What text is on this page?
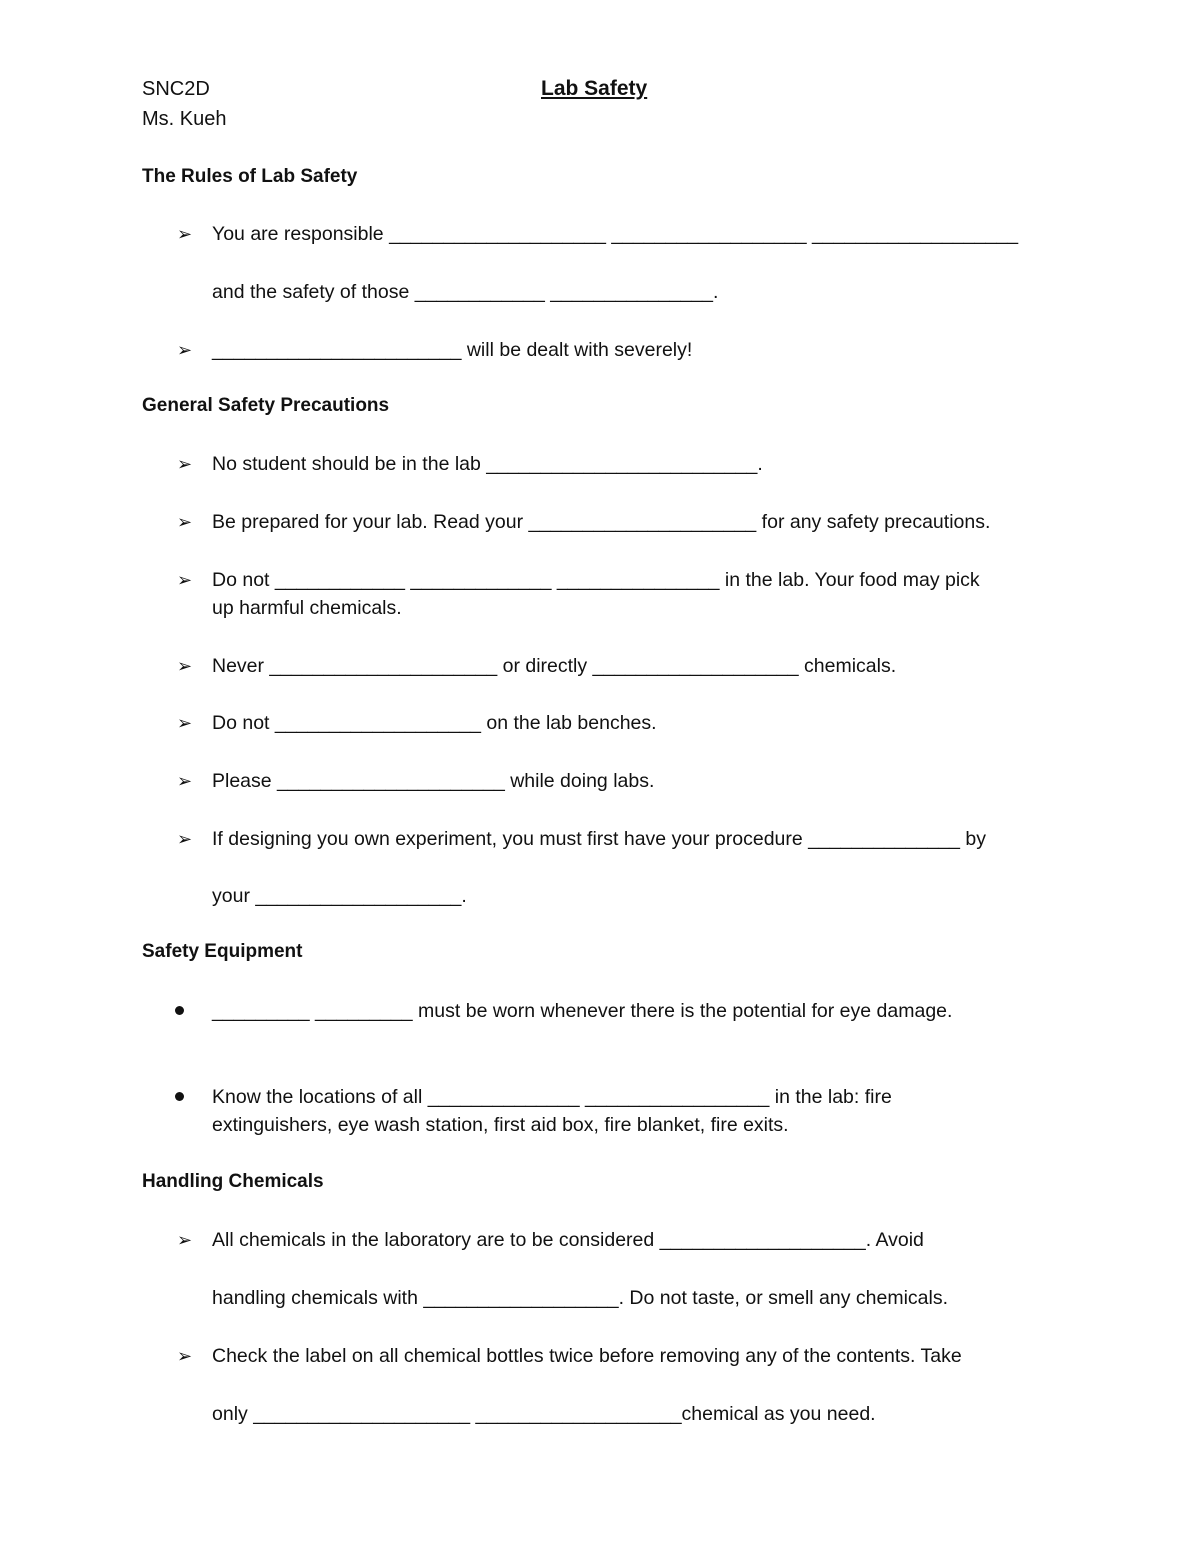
SNC2D
Ms. Kueh
Lab Safety
The Rules of Lab Safety
➢ You are responsible ____________________ __________________ ___________________
and the safety of those ____________ _______________.
➢ _______________________ will be dealt with severely!
General Safety Precautions
➢ No student should be in the lab _________________________.
➢ Be prepared for your lab. Read your _____________________ for any safety precautions.
➢ Do not ____________ _____________ _______________ in the lab. Your food may pick
up harmful chemicals.
➢ Never _____________________ or directly ___________________ chemicals.
➢ Do not ___________________ on the lab benches.
➢ Please _____________________ while doing labs.
➢ If designing you own experiment, you must first have your procedure ______________ by
your ___________________.
Safety Equipment
_________ _________ must be worn whenever there is the potential for eye damage.
Know the locations of all ______________ _________________ in the lab: fire
extinguishers, eye wash station, first aid box, fire blanket, fire exits.
Handling Chemicals
➢ All chemicals in the laboratory are to be considered ___________________. Avoid
handling chemicals with __________________. Do not taste, or smell any chemicals.
➢ Check the label on all chemical bottles twice before removing any of the contents. Take
only ____________________ ___________________chemical as you need.
